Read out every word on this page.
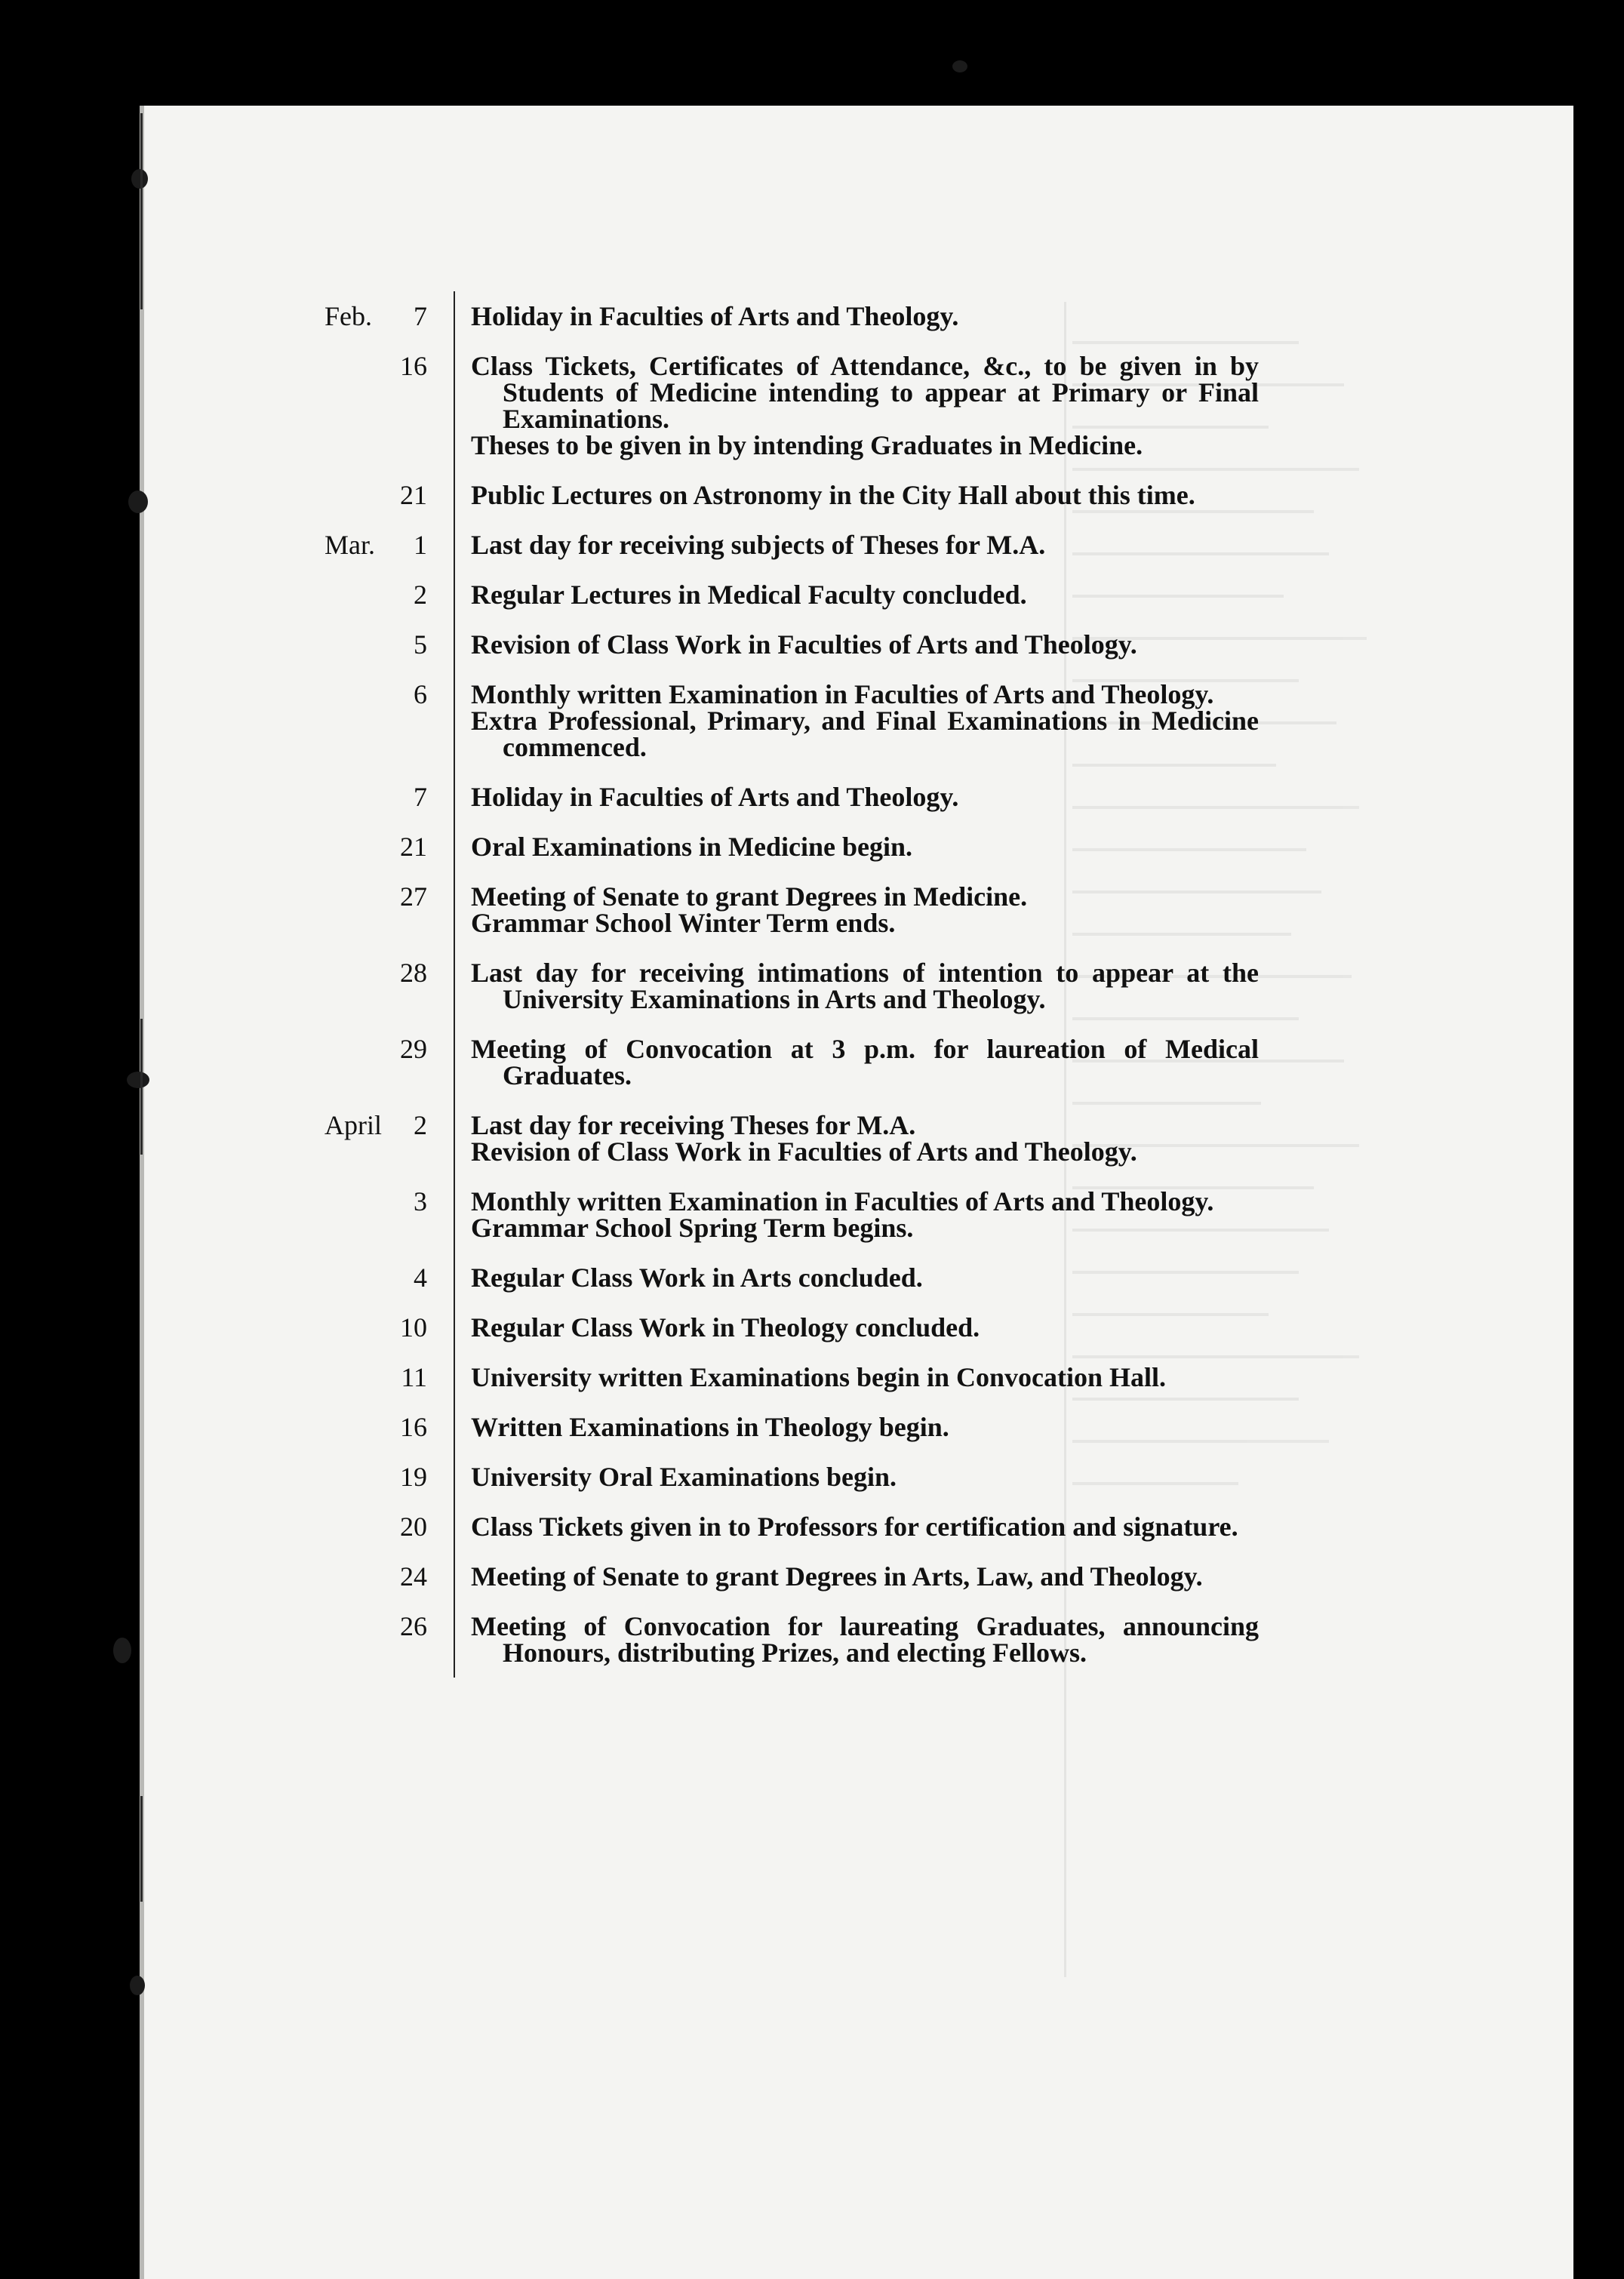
Feb.	7 Holiday in Faculties of Arts and Theology.
16 Class Tickets, Certificates of Attendance, &c., to be given in by Students of Medicine intending to appear at Primary or Final Examinations.
Theses to be given in by intending Graduates in Medicine.
21 Public Lectures on Astronomy in the City Hall about this time.
Mar.	1 Last day for receiving subjects of Theses for M.A.
2 Regular Lectures in Medical Faculty concluded.
5 Revision of Class Work in Faculties of Arts and Theology.
6 Monthly written Examination in Faculties of Arts and Theology.
Extra Professional, Primary, and Final Examinations in Medicine commenced.
7 Holiday in Faculties of Arts and Theology.
21 Oral Examinations in Medicine begin.
27 Meeting of Senate to grant Degrees in Medicine.
Grammar School Winter Term ends.
28 Last day for receiving intimations of intention to appear at the University Examinations in Arts and Theology.
29 Meeting of Convocation at 3 p.m. for laureation of Medical Graduates.
April	2 Last day for receiving Theses for M.A.
Revision of Class Work in Faculties of Arts and Theology.
3 Monthly written Examination in Faculties of Arts and Theology.
Grammar School Spring Term begins.
4 Regular Class Work in Arts concluded.
10 Regular Class Work in Theology concluded.
11 University written Examinations begin in Convocation Hall.
16 Written Examinations in Theology begin.
19 University Oral Examinations begin.
20 Class Tickets given in to Professors for certification and signature.
24 Meeting of Senate to grant Degrees in Arts, Law, and Theology.
26 Meeting of Convocation for laureating Graduates, announcing Honours, distributing Prizes, and electing Fellows.
